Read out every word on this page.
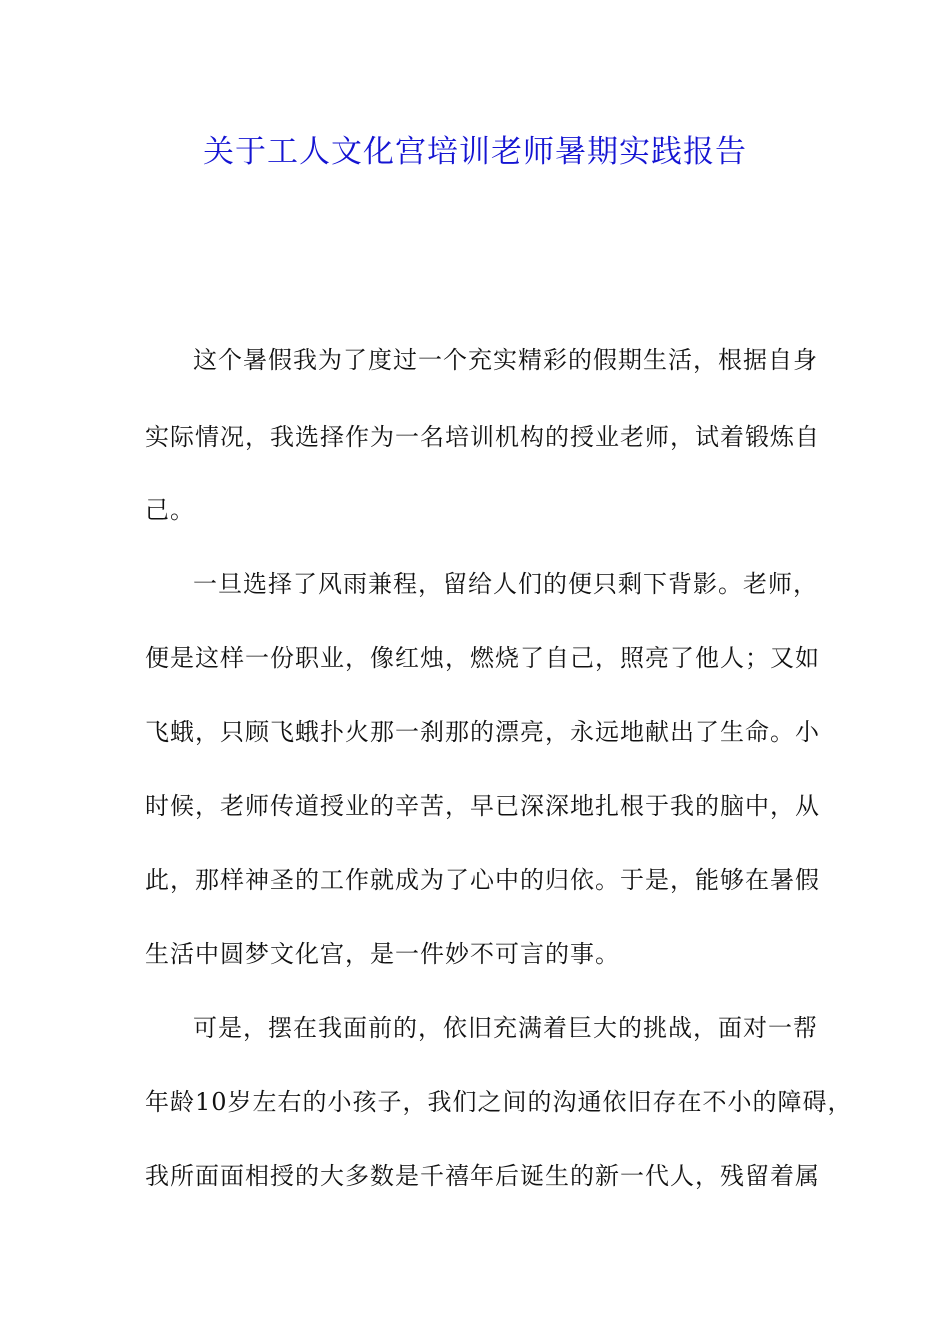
关于工人文化宫培训老师暑期实践报告
这个暑假我为了度过一个充实精彩的假期生活，根据自身
实际情况，我选择作为一名培训机构的授业老师，试着锻炼自
己。
一旦选择了风雨兼程，留给人们的便只剩下背影。老师，
便是这样一份职业，像红烛，燃烧了自己，照亮了他人；又如
飞蛾，只顾飞蛾扑火那一刹那的漂亮，永远地献出了生命。小
时候，老师传道授业的辛苦，早已深深地扎根于我的脑中，从
此，那样神圣的工作就成为了心中的归依。于是，能够在暑假
生活中圆梦文化宫，是一件妙不可言的事。
可是，摆在我面前的，依旧充满着巨大的挑战，面对一帮
年龄10岁左右的小孩子，我们之间的沟通依旧存在不小的障碍，
我所面面相授的大多数是千禧年后诞生的新一代人，残留着属
